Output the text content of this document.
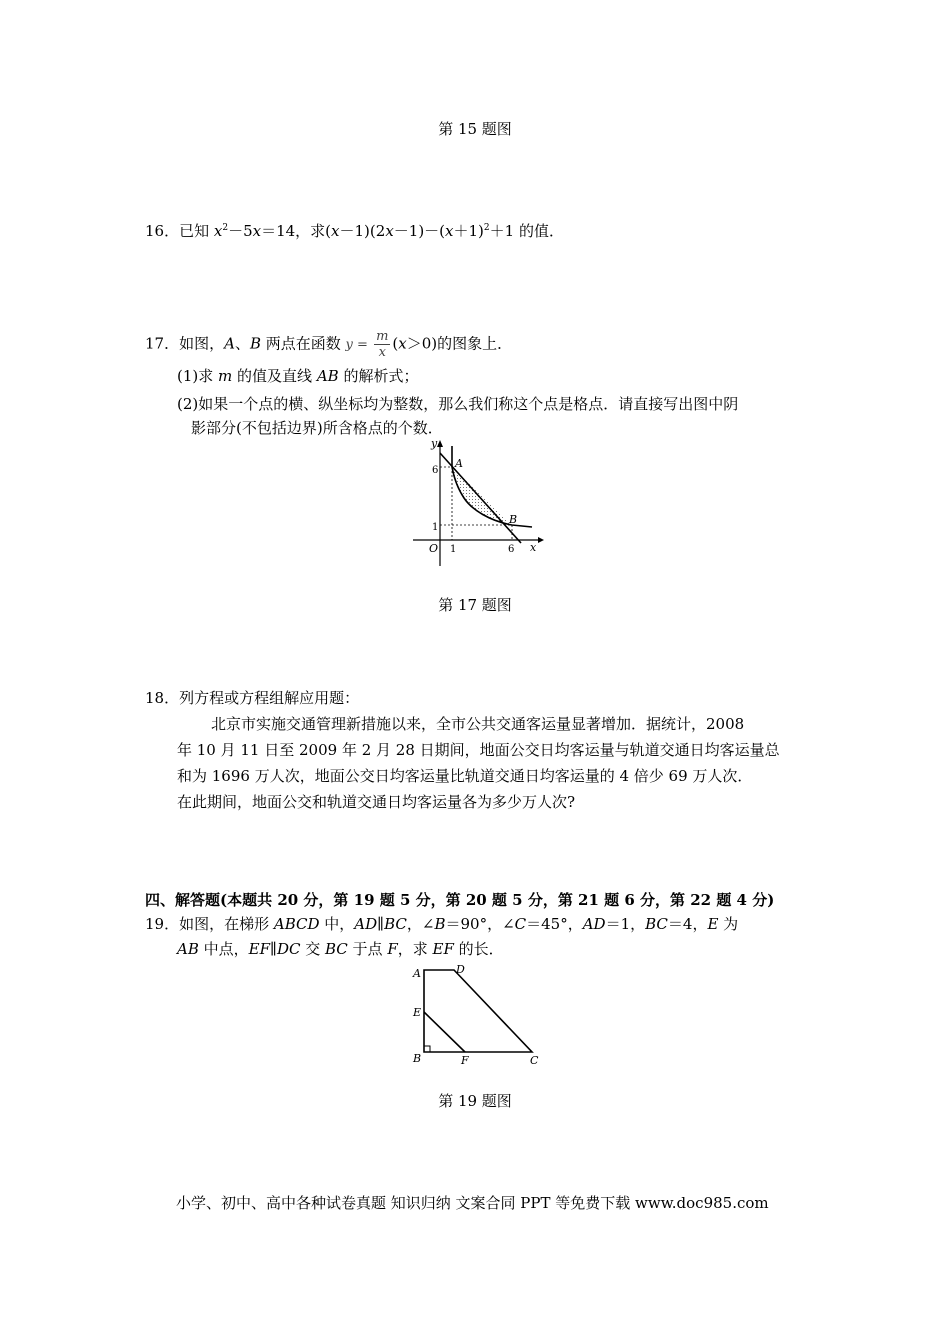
第 15 题图
16．已知 $x^2-5x=14$，求$(x-1)(2x-1)-(x+1)^2+1$ 的值．
17．如图，A、B 两点在函数 $y = \frac{m}{x} (x>0)$的图象上．
(1)求 m 的值及直线 AB 的解析式；
(2)如果一个点的横、纵坐标均为整数，那么我们称这个点是格点．请直接写出图中阴
影部分(不包括边界)所含格点的个数．
y
x
O
A
B
6
1
1	6
第 17 题图
18．列方程或方程组解应用题：
北京市实施交通管理新措施以来，全市公共交通客运量显著增加．据统计，2008
年 10 月 11 日至 2009 年 2 月 28 日期间，地面公交日均客运量与轨道交通日均客运量总
和为 1696 万人次，地面公交日均客运量比轨道交通日均客运量的 4 倍少 69 万人次．
在此期间，地面公交和轨道交通日均客运量各为多少万人次?
四、解答题(本题共 20 分，第 19 题 5 分，第 20 题 5 分，第 21 题 6 分，第 22 题 4 分)
19．如图，在梯形 ABCD 中，AD∥BC，∠B＝90°，∠C＝45°，AD＝1，BC＝4，E 为
AB 中点，EF∥DC 交 BC 于点 F，求 EF 的长．
A	D
E
B	F	C
第 19 题图
小学、初中、高中各种试卷真题 知识归纳 文案合同 PPT 等免费下载 www.doc985.com
